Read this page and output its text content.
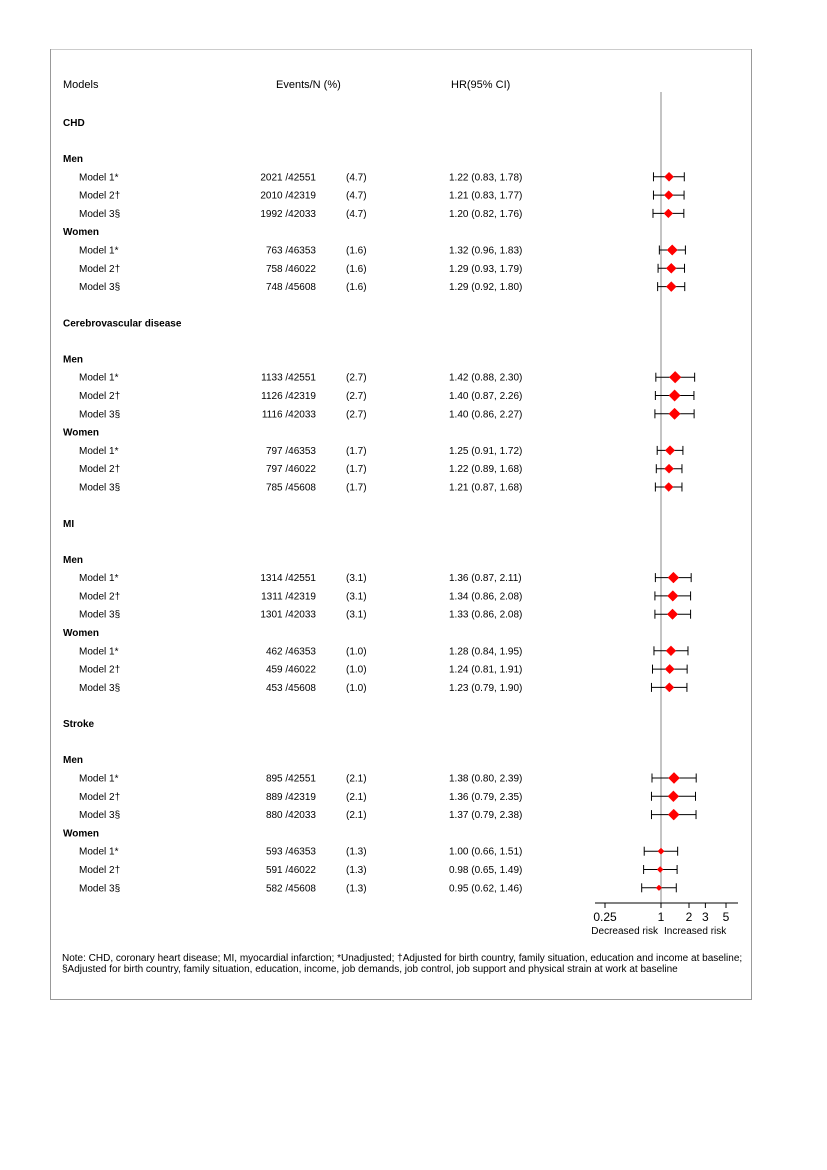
Models	Events/N (%)	HR(95% CI)
CHD
Men
Model 1*	2021 /42551	(4.7)	1.22 (0.83, 1.78)
Model 2†	2010 /42319	(4.7)	1.21 (0.83, 1.77)
Model 3§	1992 /42033	(4.7)	1.20 (0.82, 1.76)
Women
Model 1*	763 /46353	(1.6)	1.32 (0.96, 1.83)
Model 2†	758 /46022	(1.6)	1.29 (0.93, 1.79)
Model 3§	748 /45608	(1.6)	1.29 (0.92, 1.80)
Cerebrovascular disease
Men
Model 1*	1133 /42551	(2.7)	1.42 (0.88, 2.30)
Model 2†	1126 /42319	(2.7)	1.40 (0.87, 2.26)
Model 3§	1116 /42033	(2.7)	1.40 (0.86, 2.27)
Women
Model 1*	797 /46353	(1.7)	1.25 (0.91, 1.72)
Model 2†	797 /46022	(1.7)	1.22 (0.89, 1.68)
Model 3§	785 /45608	(1.7)	1.21 (0.87, 1.68)
MI
Men
Model 1*	1314 /42551	(3.1)	1.36 (0.87, 2.11)
Model 2†	1311 /42319	(3.1)	1.34 (0.86, 2.08)
Model 3§	1301 /42033	(3.1)	1.33 (0.86, 2.08)
Women
Model 1*	462 /46353	(1.0)	1.28 (0.84, 1.95)
Model 2†	459 /46022	(1.0)	1.24 (0.81, 1.91)
Model 3§	453 /45608	(1.0)	1.23 (0.79, 1.90)
Stroke
Men
Model 1*	895 /42551	(2.1)	1.38 (0.80, 2.39)
Model 2†	889 /42319	(2.1)	1.36 (0.79, 2.35)
Model 3§	880 /42033	(2.1)	1.37 (0.79, 2.38)
Women
Model 1*	593 /46353	(1.3)	1.00 (0.66, 1.51)
Model 2†	591 /46022	(1.3)	0.98 (0.65, 1.49)
Model 3§	582 /45608	(1.3)	0.95 (0.62, 1.46)
0.25	1 2 3 5
Decreased risk Increased risk
Note: CHD, coronary heart disease; MI, myocardial infarction; *Unadjusted; †Adjusted for birth country, family situation, education and income at baseline; §Adjusted for birth country, family situation, education, income, job demands, job control, job support and physical strain at work at baseline
